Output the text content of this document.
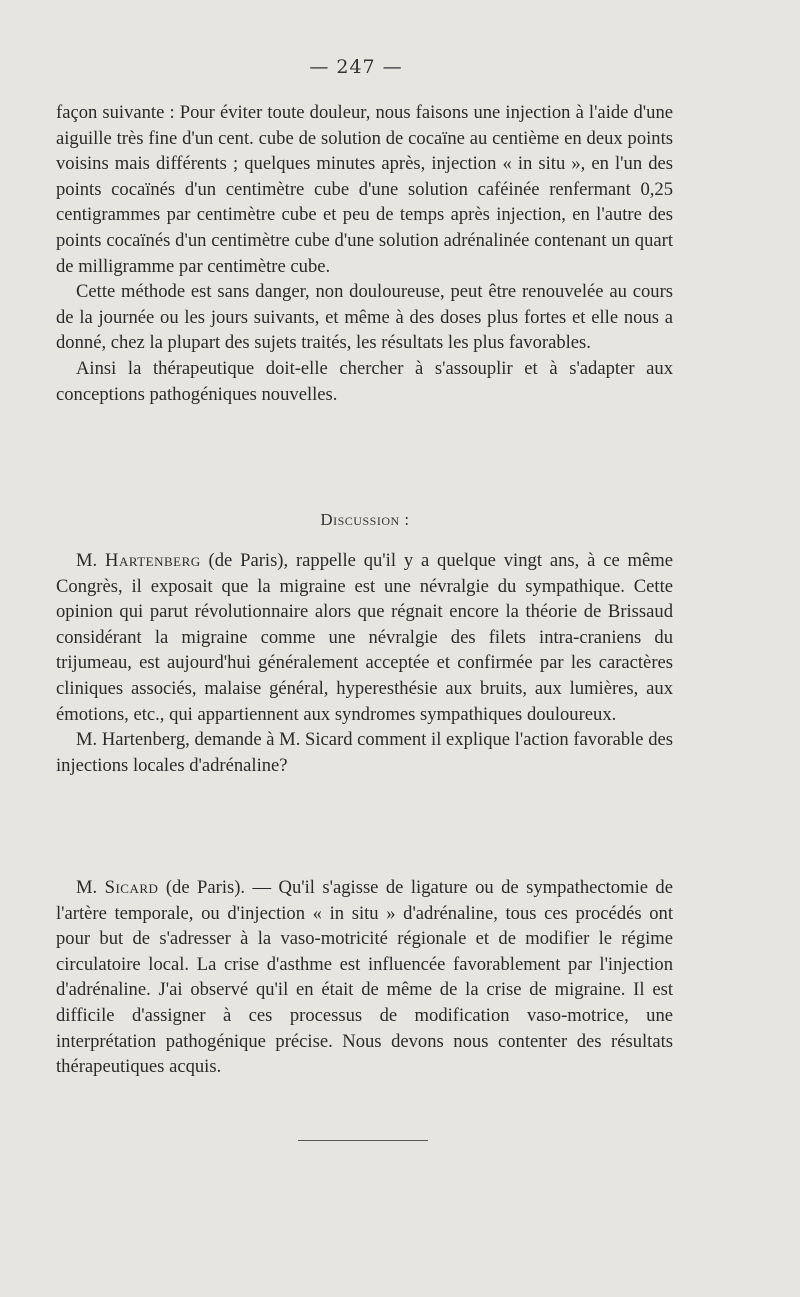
— 247 —

façon suivante : Pour éviter toute douleur, nous faisons une injection à l'aide d'une aiguille très fine d'un cent. cube de solution de cocaïne au centième en deux points voisins mais différents ; quelques minutes après, injection « in situ », en l'un des points cocaïnés d'un centimètre cube d'une solution caféinée renfermant 0,25 centigrammes par centimètre cube et peu de temps après injection, en l'autre des points cocaïnés d'un centimètre cube d'une solution adrénalinée contenant un quart de milligramme par centimètre cube.

Cette méthode est sans danger, non douloureuse, peut être renouvelée au cours de la journée ou les jours suivants, et même à des doses plus fortes et elle nous a donné, chez la plupart des sujets traités, les résultats les plus favorables.

Ainsi la thérapeutique doit-elle chercher à s'assouplir et à s'adapter aux conceptions pathogéniques nouvelles.

Discussion :

M. Hartenberg (de Paris), rappelle qu'il y a quelque vingt ans, à ce même Congrès, il exposait que la migraine est une névralgie du sympathique. Cette opinion qui parut révolutionnaire alors que régnait encore la théorie de Brissaud considérant la migraine comme une névralgie des filets intra-craniens du trijumeau, est aujourd'hui généralement acceptée et confirmée par les caractères cliniques associés, malaise général, hyperesthésie aux bruits, aux lumières, aux émotions, etc., qui appartiennent aux syndromes sympathiques douloureux.

M. Hartenberg, demande à M. Sicard comment il explique l'action favorable des injections locales d'adrénaline?

M. Sicard (de Paris). — Qu'il s'agisse de ligature ou de sympathectomie de l'artère temporale, ou d'injection « in situ » d'adrénaline, tous ces procédés ont pour but de s'adresser à la vaso-motricité régionale et de modifier le régime circulatoire local. La crise d'asthme est influencée favorablement par l'injection d'adrénaline. J'ai observé qu'il en était de même de la crise de migraine. Il est difficile d'assigner à ces processus de modification vaso-motrice, une interprétation pathogénique précise. Nous devons nous contenter des résultats thérapeutiques acquis.
